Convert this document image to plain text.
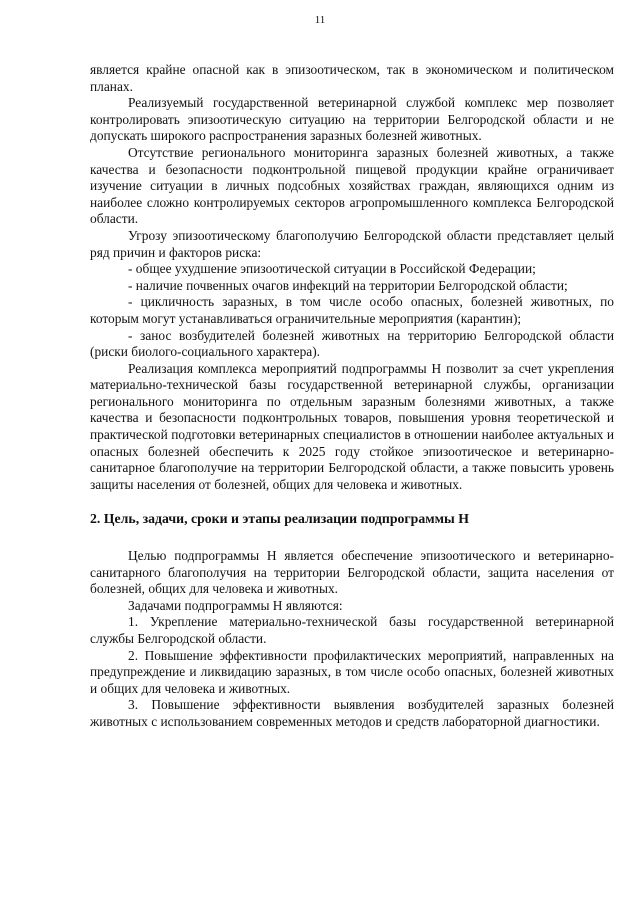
11

является крайне опасной как в эпизоотическом, так в экономическом и политическом планах.

Реализуемый государственной ветеринарной службой комплекс мер позволяет контролировать эпизоотическую ситуацию на территории Белгородской области и не допускать широкого распространения заразных болезней животных.

Отсутствие регионального мониторинга заразных болезней животных, а также качества и безопасности подконтрольной пищевой продукции крайне ограничивает изучение ситуации в личных подсобных хозяйствах граждан, являющихся одним из наиболее сложно контролируемых секторов агропромышленного комплекса Белгородской области.

Угрозу эпизоотическому благополучию Белгородской области представляет целый ряд причин и факторов риска:

- общее ухудшение эпизоотической ситуации в Российской Федерации;

- наличие почвенных очагов инфекций на территории Белгородской области;

- цикличность заразных, в том числе особо опасных, болезней животных, по которым могут устанавливаться ограничительные мероприятия (карантин);

- занос возбудителей болезней животных на территорию Белгородской области (риски биолого-социального характера).

Реализация комплекса мероприятий подпрограммы Н позволит за счет укрепления материально-технической базы государственной ветеринарной службы, организации регионального мониторинга по отдельным заразным болезнями животных, а также качества и безопасности подконтрольных товаров, повышения уровня теоретической и практической подготовки ветеринарных специалистов в отношении наиболее актуальных и опасных болезней обеспечить к 2025 году стойкое эпизоотическое и ветеринарно-санитарное благополучие на территории Белгородской области, а также повысить уровень защиты населения от болезней, общих для человека и животных.

2. Цель, задачи, сроки и этапы реализации подпрограммы Н

Целью подпрограммы Н является обеспечение эпизоотического и ветеринарно-санитарного благополучия на территории Белгородской области, защита населения от болезней, общих для человека и животных.

Задачами подпрограммы Н являются:

1. Укрепление материально-технической базы государственной ветеринарной службы Белгородской области.

2. Повышение эффективности профилактических мероприятий, направленных на предупреждение и ликвидацию заразных, в том числе особо опасных, болезней животных и общих для человека и животных.

3. Повышение эффективности выявления возбудителей заразных болезней животных с использованием современных методов и средств лабораторной диагностики.
